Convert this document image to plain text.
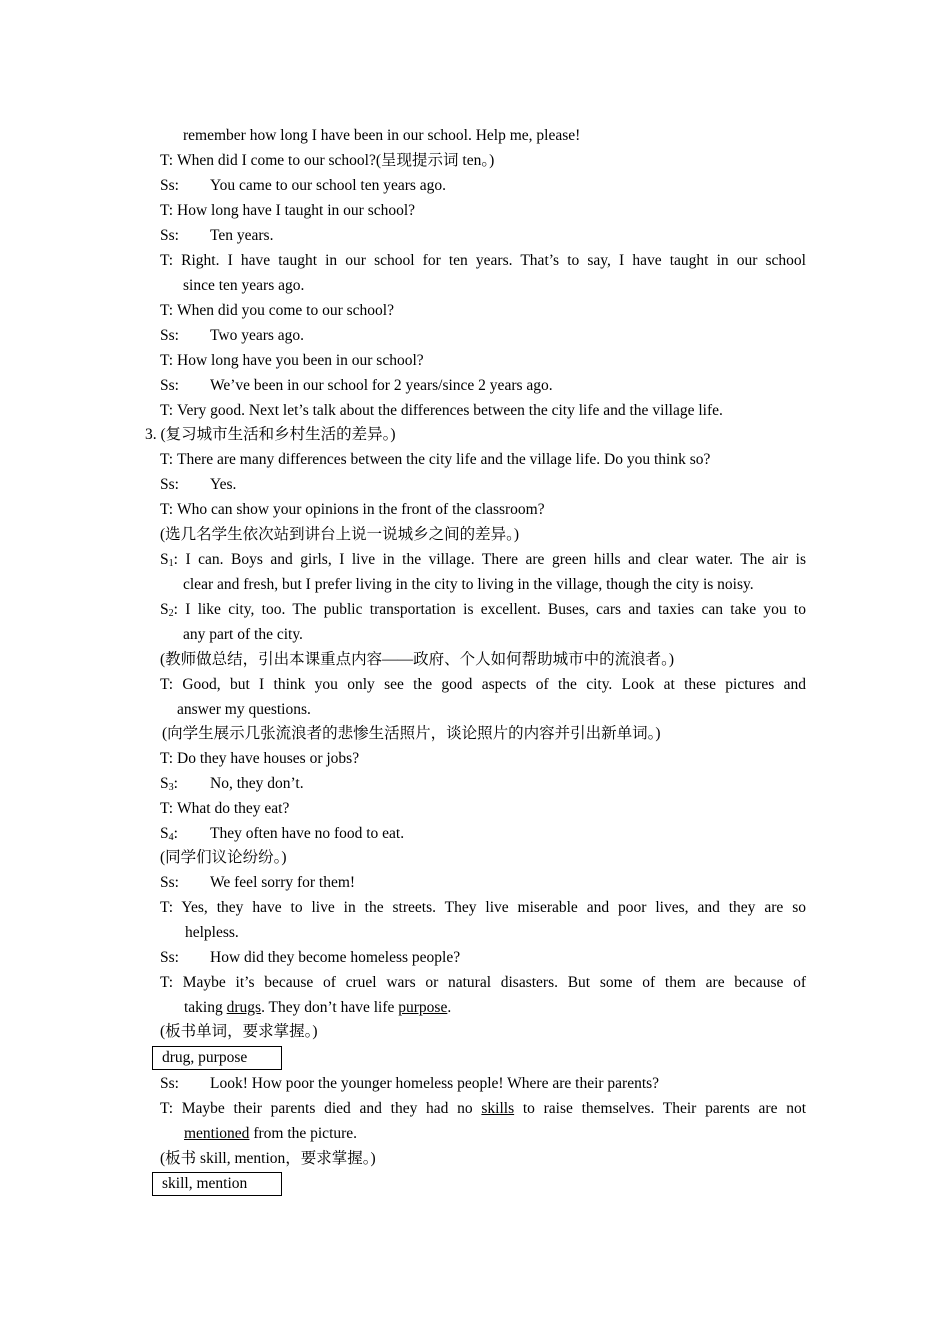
remember how long I have been in our school. Help me, please!
T: When did I come to our school?(呈现提示词 ten。)
Ss:	You came to our school ten years ago.
T: How long have I taught in our school?
Ss:	Ten years.
T: Right. I have taught in our school for ten years. That’s to say, I have taught in our school
since ten years ago.
T: When did you come to our school?
Ss:	Two years ago.
T: How long have you been in our school?
Ss:	We’ve been in our school for 2 years/since 2 years ago.
T: Very good. Next let’s talk about the differences between the city life and the village life.
3. (复习城市生活和乡村生活的差异。)
T: There are many differences between the city life and the village life. Do you think so?
Ss:	Yes.
T: Who can show your opinions in the front of the classroom?
(选几名学生依次站到讲台上说一说城乡之间的差异。)
$S_1$: I can. Boys and girls, I live in the village. There are green hills and clear water. The air is
clear and fresh, but I prefer living in the city to living in the village, though the city is noisy.
$S_2$: I like city, too. The public transportation is excellent. Buses, cars and taxies can take you to
any part of the city.
(教师做总结，引出本课重点内容——政府、个人如何帮助城市中的流浪者。)
T: Good, but I think you only see the good aspects of the city. Look at these pictures and
answer my questions.
(向学生展示几张流浪者的悲惨生活照片，谈论照片的内容并引出新单词。)
T: Do they have houses or jobs?
$S_3$:	No, they don’t.
T: What do they eat?
$S_4$:	They often have no food to eat.
(同学们议论纷纷。)
Ss:	We feel sorry for them!
T: Yes, they have to live in the streets. They live miserable and poor lives, and they are so
helpless.
Ss:	How did they become homeless people?
T: Maybe it’s because of cruel wars or natural disasters. But some of them are because of
taking drugs. They don’t have life purpose.
(板书单词，要求掌握。)
drug, purpose
Ss:	Look! How poor the younger homeless people! Where are their parents?
T: Maybe their parents died and they had no skills to raise themselves. Their parents are not
mentioned from the picture.
(板书 skill, mention，要求掌握。)
skill, mention
